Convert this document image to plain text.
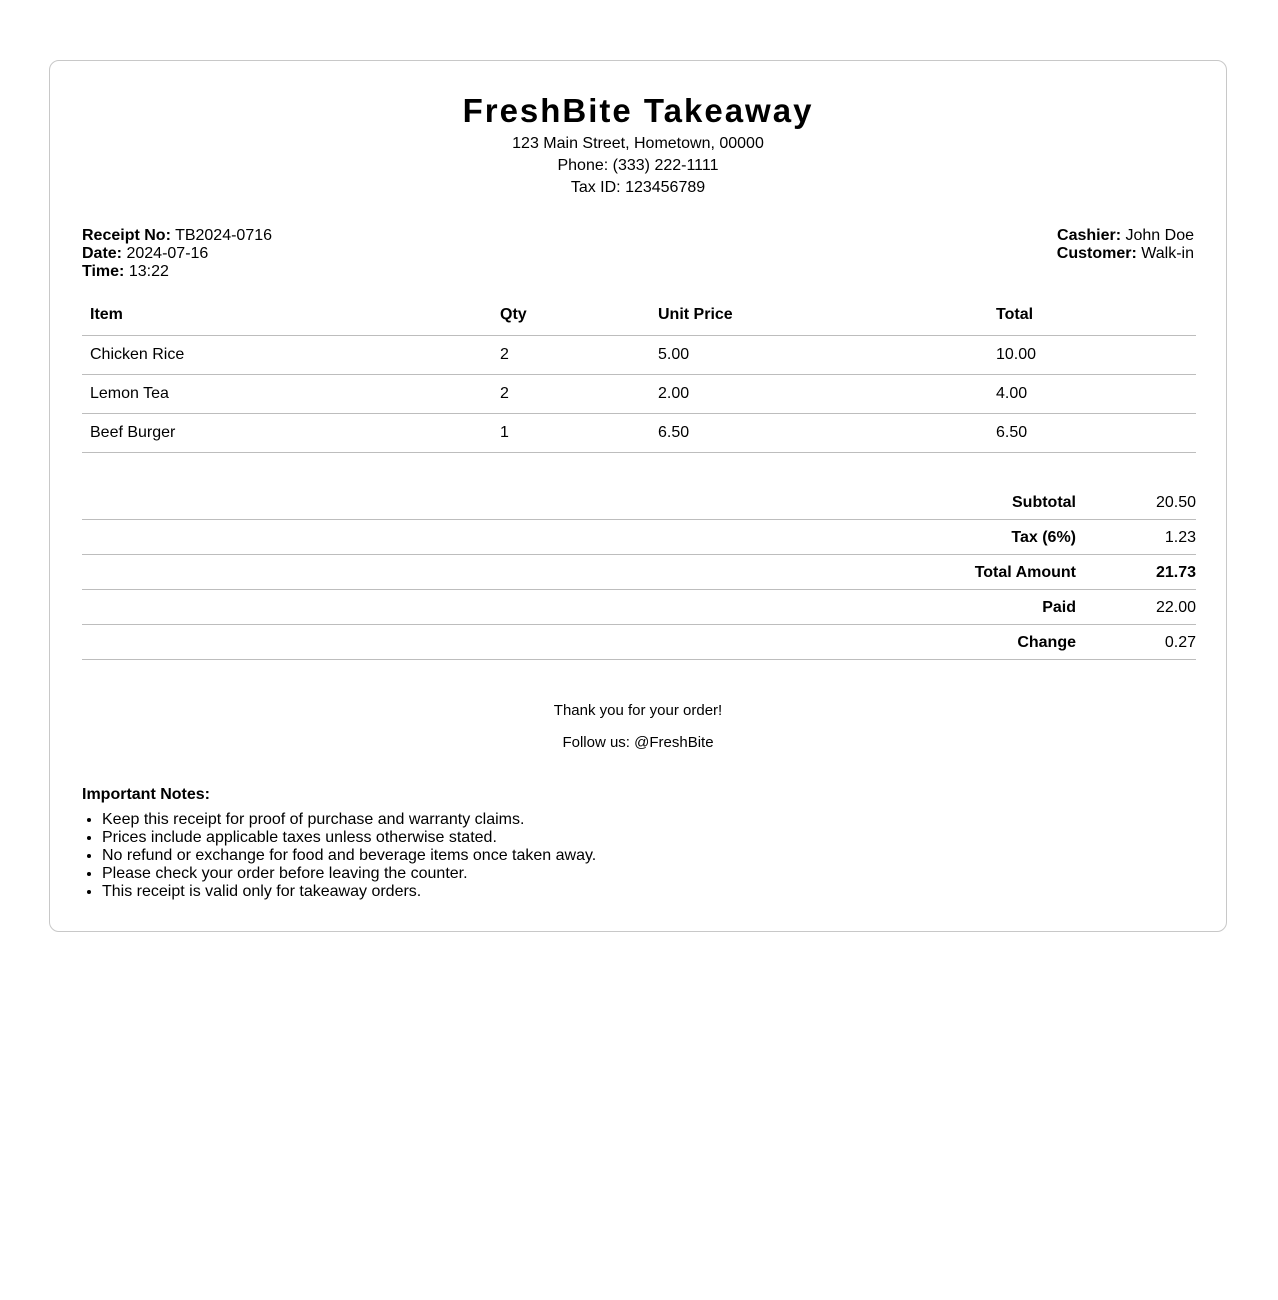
FreshBite Takeaway
123 Main Street, Hometown, 00000
Phone: (333) 222-1111
Tax ID: 123456789
Receipt No: TB2024-0716
Date: 2024-07-16
Time: 13:22
Cashier: John Doe
Customer: Walk-in
Item	Qty	Unit Price	Total
Chicken Rice	2	5.00	10.00
Lemon Tea	2	2.00	4.00
Beef Burger	1	6.50	6.50
Subtotal	20.50
Tax (6%)	1.23
Total Amount	21.73
Paid	22.00
Change	0.27
Thank you for your order!
Follow us: @FreshBite
Important Notes:
• Keep this receipt for proof of purchase and warranty claims.
• Prices include applicable taxes unless otherwise stated.
• No refund or exchange for food and beverage items once taken away.
• Please check your order before leaving the counter.
• This receipt is valid only for takeaway orders.
